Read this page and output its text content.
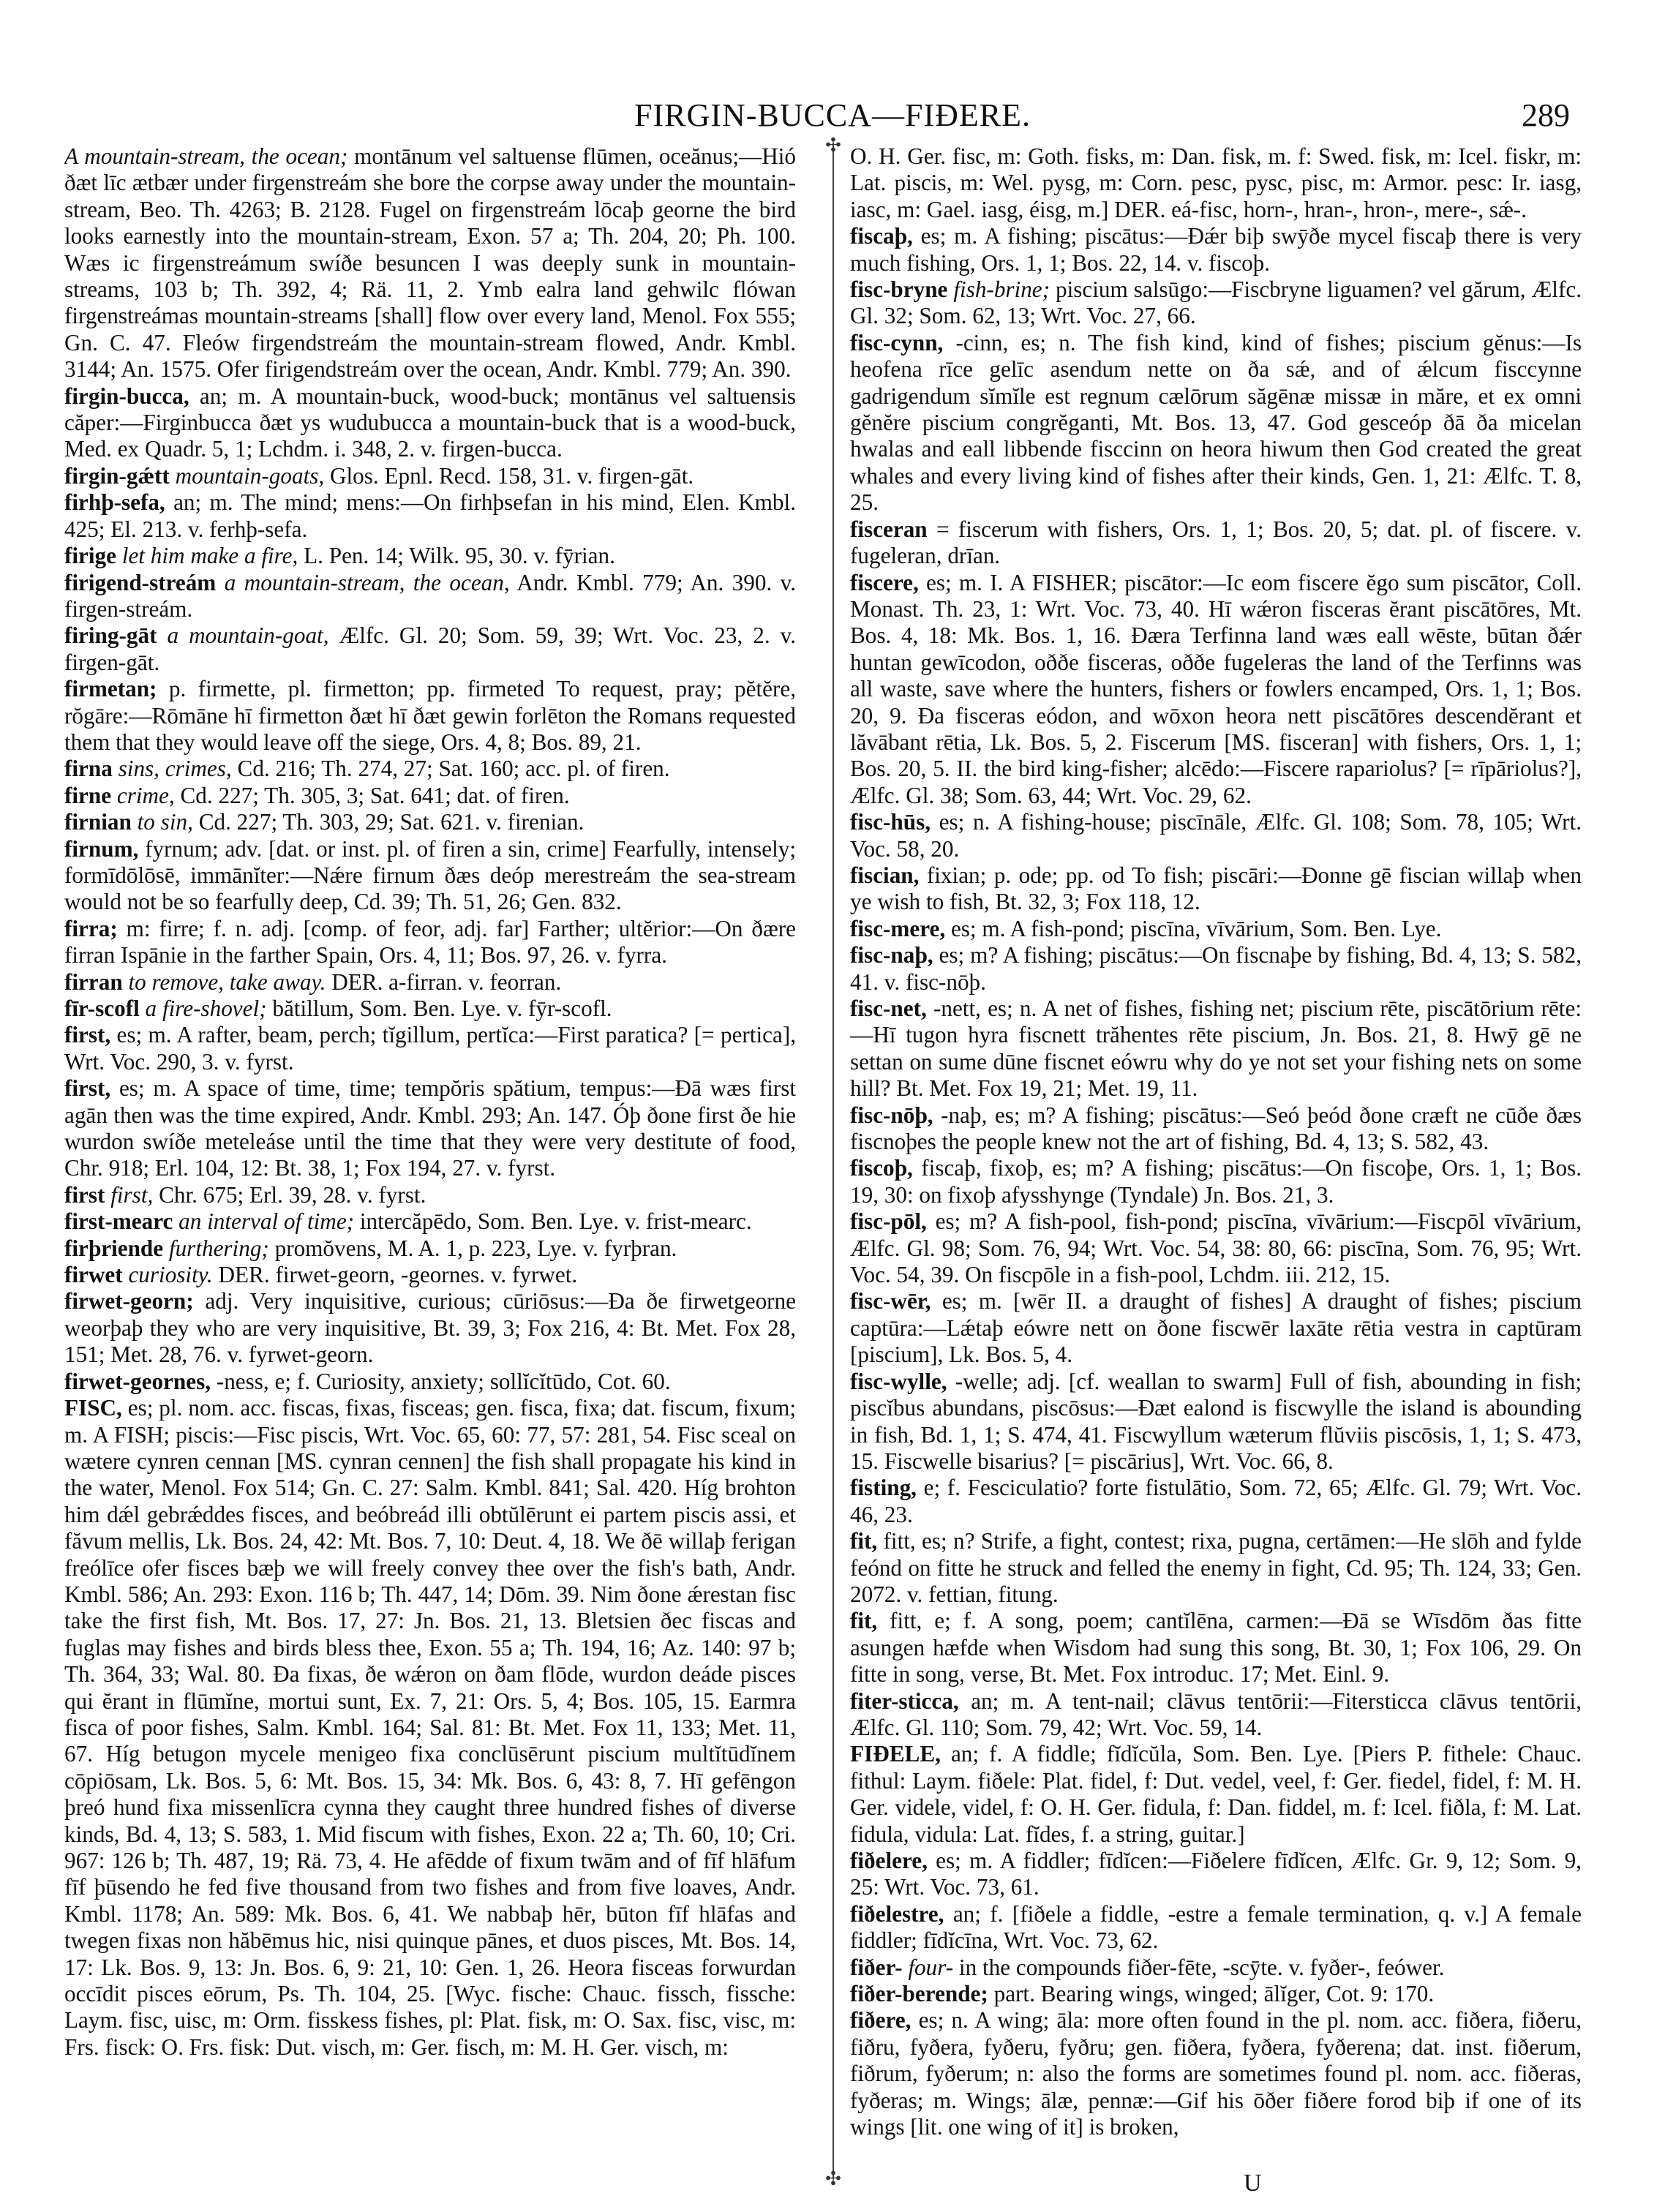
FIRGIN-BUCCA—FIÐERE.	289
✣
✣

A mountain-stream, the ocean; montānum vel saltuense flūmen, oceănus;—Hió ðæt līc ætbær under firgenstreám she bore the corpse away under the mountain-stream, Beo. Th. 4263; B. 2128. Fugel on firgenstreám lōcaþ georne the bird looks earnestly into the mountain-stream, Exon. 57 a; Th. 204, 20; Ph. 100. Wæs ic firgenstreámum swíðe besuncen I was deeply sunk in mountain-streams, 103 b; Th. 392, 4; Rä. 11, 2. Ymb ealra land gehwilc flówan firgenstreámas mountain-streams [shall] flow over every land, Menol. Fox 555; Gn. C. 47. Fleów firgendstreám the mountain-stream flowed, Andr. Kmbl. 3144; An. 1575. Ofer firigendstreám over the ocean, Andr. Kmbl. 779; An. 390.

firgin-bucca, an; m. A mountain-buck, wood-buck; montānus vel saltuensis căper:—Firginbucca ðæt ys wudubucca a mountain-buck that is a wood-buck, Med. ex Quadr. 5, 1; Lchdm. i. 348, 2. v. firgen-bucca.

firgin-gǽtt mountain-goats, Glos. Epnl. Recd. 158, 31. v. firgen-gāt.

firhþ-sefa, an; m. The mind; mens:—On firhþsefan in his mind, Elen. Kmbl. 425; El. 213. v. ferhþ-sefa.

firige let him make a fire, L. Pen. 14; Wilk. 95, 30. v. fȳrian.

firigend-streám a mountain-stream, the ocean, Andr. Kmbl. 779; An. 390. v. firgen-streám.

firing-gāt a mountain-goat, Ælfc. Gl. 20; Som. 59, 39; Wrt. Voc. 23, 2. v. firgen-gāt.

firmetan; p. firmette, pl. firmetton; pp. firmeted To request, pray; pĕtĕre, rŏgāre:—Rōmāne hī firmetton ðæt hī ðæt gewin forlēton the Romans requested them that they would leave off the siege, Ors. 4, 8; Bos. 89, 21.

firna sins, crimes, Cd. 216; Th. 274, 27; Sat. 160; acc. pl. of firen.

firne crime, Cd. 227; Th. 305, 3; Sat. 641; dat. of firen.

firnian to sin, Cd. 227; Th. 303, 29; Sat. 621. v. firenian.

firnum, fyrnum; adv. [dat. or inst. pl. of firen a sin, crime] Fearfully, intensely; formīdōlōsē, immānĭter:—Nǽre firnum ðæs deóp merestreám the sea-stream would not be so fearfully deep, Cd. 39; Th. 51, 26; Gen. 832.

firra; m: firre; f. n. adj. [comp. of feor, adj. far] Farther; ultĕrior:—On ðære firran Ispānie in the farther Spain, Ors. 4, 11; Bos. 97, 26. v. fyrra.

firran to remove, take away. DER. a-firran. v. feorran.

fīr-scofl a fire-shovel; bătillum, Som. Ben. Lye. v. fȳr-scofl.

first, es; m. A rafter, beam, perch; tĭgillum, pertĭca:—First paratica? [= pertica], Wrt. Voc. 290, 3. v. fyrst.

first, es; m. A space of time, time; tempŏris spătium, tempus:—Ðā wæs first agān then was the time expired, Andr. Kmbl. 293; An. 147. Óþ ðone first ðe hie wurdon swíðe meteleáse until the time that they were very destitute of food, Chr. 918; Erl. 104, 12: Bt. 38, 1; Fox 194, 27. v. fyrst.

first first, Chr. 675; Erl. 39, 28. v. fyrst.

first-mearc an interval of time; intercăpēdo, Som. Ben. Lye. v. frist-mearc.

firþriende furthering; promŏvens, M. A. 1, p. 223, Lye. v. fyrþran.

firwet curiosity. DER. firwet-georn, -geornes. v. fyrwet.

firwet-georn; adj. Very inquisitive, curious; cūriōsus:—Ða ðe firwetgeorne weorþaþ they who are very inquisitive, Bt. 39, 3; Fox 216, 4: Bt. Met. Fox 28, 151; Met. 28, 76. v. fyrwet-georn.

firwet-geornes, -ness, e; f. Curiosity, anxiety; sollĭcĭtūdo, Cot. 60.

FISC, es; pl. nom. acc. fiscas, fixas, fisceas; gen. fisca, fixa; dat. fiscum, fixum; m. A FISH; piscis:—Fisc piscis, Wrt. Voc. 65, 60: 77, 57: 281, 54. Fisc sceal on wætere cynren cennan [MS. cynran cennen] the fish shall propagate his kind in the water, Menol. Fox 514; Gn. C. 27: Salm. Kmbl. 841; Sal. 420. Híg brohton him dǽl gebrǽddes fisces, and beóbreád illi obtŭlērunt ei partem piscis assi, et făvum mellis, Lk. Bos. 24, 42: Mt. Bos. 7, 10: Deut. 4, 18. We ðē willaþ ferigan freólīce ofer fisces bæþ we will freely convey thee over the fish's bath, Andr. Kmbl. 586; An. 293: Exon. 116 b; Th. 447, 14; Dōm. 39. Nim ðone ǽrestan fisc take the first fish, Mt. Bos. 17, 27: Jn. Bos. 21, 13. Bletsien ðec fiscas and fuglas may fishes and birds bless thee, Exon. 55 a; Th. 194, 16; Az. 140: 97 b; Th. 364, 33; Wal. 80. Ða fixas, ðe wǽron on ðam flōde, wurdon deáde pisces qui ĕrant in flūmĭne, mortui sunt, Ex. 7, 21: Ors. 5, 4; Bos. 105, 15. Earmra fisca of poor fishes, Salm. Kmbl. 164; Sal. 81: Bt. Met. Fox 11, 133; Met. 11, 67. Híg betugon mycele menigeo fixa conclūsērunt piscium multĭtūdĭnem cōpiōsam, Lk. Bos. 5, 6: Mt. Bos. 15, 34: Mk. Bos. 6, 43: 8, 7. Hī gefēngon þreó hund fixa missenlīcra cynna they caught three hundred fishes of diverse kinds, Bd. 4, 13; S. 583, 1. Mid fiscum with fishes, Exon. 22 a; Th. 60, 10; Cri. 967: 126 b; Th. 487, 19; Rä. 73, 4. He afēdde of fixum twām and of fīf hlāfum fīf þūsendo he fed five thousand from two fishes and from five loaves, Andr. Kmbl. 1178; An. 589: Mk. Bos. 6, 41. We nabbaþ hēr, būton fīf hlāfas and twegen fixas non hăbēmus hic, nisi quinque pānes, et duos pisces, Mt. Bos. 14, 17: Lk. Bos. 9, 13: Jn. Bos. 6, 9: 21, 10: Gen. 1, 26. Heora fisceas forwurdan occīdit pisces eōrum, Ps. Th. 104, 25. [Wyc. fische: Chauc. fissch, fissche: Laym. fisc, uisc, m: Orm. fisskess fishes, pl: Plat. fisk, m: O. Sax. fisc, visc, m: Frs. fisck: O. Frs. fisk: Dut. visch, m: Ger. fisch, m: M. H. Ger. visch, m:

O. H. Ger. fisc, m: Goth. fisks, m: Dan. fisk, m. f: Swed. fisk, m: Icel. fiskr, m: Lat. piscis, m: Wel. pysg, m: Corn. pesc, pysc, pisc, m: Armor. pesc: Ir. iasg, iasc, m: Gael. iasg, éisg, m.] DER. eá-fisc, horn-, hran-, hron-, mere-, sǽ-.

fiscaþ, es; m. A fishing; piscātus:—Ðǽr biþ swȳðe mycel fiscaþ there is very much fishing, Ors. 1, 1; Bos. 22, 14. v. fiscoþ.

fisc-bryne fish-brine; piscium salsūgo:—Fiscbryne liguamen? vel gărum, Ælfc. Gl. 32; Som. 62, 13; Wrt. Voc. 27, 66.

fisc-cynn, -cinn, es; n. The fish kind, kind of fishes; piscium gĕnus:—Is heofena rīce gelīc asendum nette on ða sǽ, and of ǽlcum fisccynne gadrigendum sĭmĭle est regnum cælōrum săgēnæ missæ in măre, et ex omni gĕnĕre piscium congrĕganti, Mt. Bos. 13, 47. God gesceóp ðā ða micelan hwalas and eall libbende fisccinn on heora hiwum then God created the great whales and every living kind of fishes after their kinds, Gen. 1, 21: Ælfc. T. 8, 25.

fisceran = fiscerum with fishers, Ors. 1, 1; Bos. 20, 5; dat. pl. of fiscere. v. fugeleran, drīan.

fiscere, es; m. I. A FISHER; piscātor:—Ic eom fiscere ĕgo sum piscātor, Coll. Monast. Th. 23, 1: Wrt. Voc. 73, 40. Hī wǽron fisceras ĕrant piscātōres, Mt. Bos. 4, 18: Mk. Bos. 1, 16. Ðæra Terfinna land wæs eall wēste, būtan ðǽr huntan gewīcodon, oððe fisceras, oððe fugeleras the land of the Terfinns was all waste, save where the hunters, fishers or fowlers encamped, Ors. 1, 1; Bos. 20, 9. Ða fisceras eódon, and wōxon heora nett piscātōres descendĕrant et lăvābant rētia, Lk. Bos. 5, 2. Fiscerum [MS. fisceran] with fishers, Ors. 1, 1; Bos. 20, 5. II. the bird king-fisher; alcēdo:—Fiscere rapariolus? [= rīpāriolus?], Ælfc. Gl. 38; Som. 63, 44; Wrt. Voc. 29, 62.

fisc-hūs, es; n. A fishing-house; piscīnāle, Ælfc. Gl. 108; Som. 78, 105; Wrt. Voc. 58, 20.

fiscian, fixian; p. ode; pp. od To fish; piscāri:—Ðonne gē fiscian willaþ when ye wish to fish, Bt. 32, 3; Fox 118, 12.

fisc-mere, es; m. A fish-pond; piscīna, vīvārium, Som. Ben. Lye.

fisc-naþ, es; m? A fishing; piscātus:—On fiscnaþe by fishing, Bd. 4, 13; S. 582, 41. v. fisc-nōþ.

fisc-net, -nett, es; n. A net of fishes, fishing net; piscium rēte, piscātōrium rēte:—Hī tugon hyra fiscnett trăhentes rēte piscium, Jn. Bos. 21, 8. Hwȳ gē ne settan on sume dūne fiscnet eówru why do ye not set your fishing nets on some hill? Bt. Met. Fox 19, 21; Met. 19, 11.

fisc-nōþ, -naþ, es; m? A fishing; piscātus:—Seó þeód ðone cræft ne cūðe ðæs fiscnoþes the people knew not the art of fishing, Bd. 4, 13; S. 582, 43.

fiscoþ, fiscaþ, fixoþ, es; m? A fishing; piscātus:—On fiscoþe, Ors. 1, 1; Bos. 19, 30: on fixoþ afysshynge (Tyndale) Jn. Bos. 21, 3.

fisc-pōl, es; m? A fish-pool, fish-pond; piscīna, vīvārium:—Fiscpōl vīvārium, Ælfc. Gl. 98; Som. 76, 94; Wrt. Voc. 54, 38: 80, 66: piscīna, Som. 76, 95; Wrt. Voc. 54, 39. On fiscpōle in a fish-pool, Lchdm. iii. 212, 15.

fisc-wēr, es; m. [wēr II. a draught of fishes] A draught of fishes; piscium captūra:—Lǽtaþ eówre nett on ðone fiscwēr laxāte rētia vestra in captūram [piscium], Lk. Bos. 5, 4.

fisc-wylle, -welle; adj. [cf. weallan to swarm] Full of fish, abounding in fish; piscĭbus abundans, piscōsus:—Ðæt ealond is fiscwylle the island is abounding in fish, Bd. 1, 1; S. 474, 41. Fiscwyllum wæterum flŭviis piscōsis, 1, 1; S. 473, 15. Fiscwelle bisarius? [= piscārius], Wrt. Voc. 66, 8.

fisting, e; f. Fesciculatio? forte fistulātio, Som. 72, 65; Ælfc. Gl. 79; Wrt. Voc. 46, 23.

fit, fitt, es; n? Strife, a fight, contest; rixa, pugna, certāmen:—He slōh and fylde feónd on fitte he struck and felled the enemy in fight, Cd. 95; Th. 124, 33; Gen. 2072. v. fettian, fitung.

fit, fitt, e; f. A song, poem; cantĭlēna, carmen:—Ðā se Wīsdōm ðas fitte asungen hæfde when Wisdom had sung this song, Bt. 30, 1; Fox 106, 29. On fitte in song, verse, Bt. Met. Fox introduc. 17; Met. Einl. 9.

fiter-sticca, an; m. A tent-nail; clāvus tentōrii:—Fitersticca clāvus tentōrii, Ælfc. Gl. 110; Som. 79, 42; Wrt. Voc. 59, 14.

FIÐELE, an; f. A fiddle; fĭdĭcŭla, Som. Ben. Lye. [Piers P. fithele: Chauc. fithul: Laym. fiðele: Plat. fidel, f: Dut. vedel, veel, f: Ger. fiedel, fidel, f: M. H. Ger. videle, videl, f: O. H. Ger. fidula, f: Dan. fiddel, m. f: Icel. fiðla, f: M. Lat. fidula, vidula: Lat. fĭdes, f. a string, guitar.]

fiðelere, es; m. A fiddler; fīdĭcen:—Fiðelere fīdĭcen, Ælfc. Gr. 9, 12; Som. 9, 25: Wrt. Voc. 73, 61.

fiðelestre, an; f. [fiðele a fiddle, -estre a female termination, q. v.] A female fiddler; fīdĭcīna, Wrt. Voc. 73, 62.

fiðer- four- in the compounds fiðer-fēte, -scȳte. v. fyðer-, feówer.

fiðer-berende; part. Bearing wings, winged; ālĭger, Cot. 9: 170.

fiðere, es; n. A wing; āla: more often found in the pl. nom. acc. fiðera, fiðeru, fiðru, fyðera, fyðeru, fyðru; gen. fiðera, fyðera, fyðerena; dat. inst. fiðerum, fiðrum, fyðerum; n: also the forms are sometimes found pl. nom. acc. fiðeras, fyðeras; m. Wings; ālæ, pennæ:—Gif his ōðer fiðere forod biþ if one of its wings [lit. one wing of it] is broken,

U
